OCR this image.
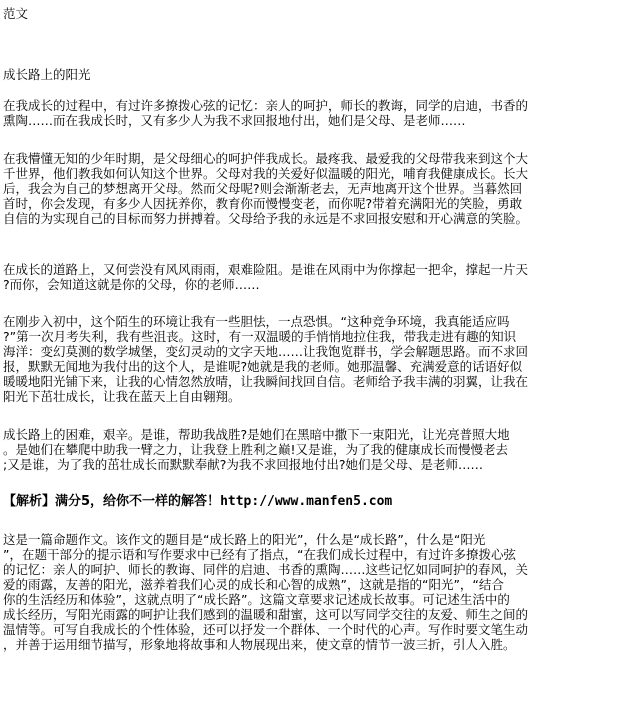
范文
成长路上的阳光
在我成长的过程中，有过许多撩拨心弦的记忆：亲人的呵护，师长的教诲，同学的启迪，书香的
熏陶……而在我成长时，又有多少人为我不求回报地付出，她们是父母、是老师……
在我懵懂无知的少年时期，是父母细心的呵护伴我成长。最疼我、最爱我的父母带我来到这个大
千世界，他们教我如何认知这个世界。父母对我的关爱好似温暖的阳光，哺育我健康成长。长大
后，我会为自己的梦想离开父母。然而父母呢?则会渐渐老去，无声地离开这个世界。当暮然回
首时，你会发现，有多少人因抚养你，教育你而慢慢变老，而你呢?带着充满阳光的笑脸，勇敢
自信的为实现自己的目标而努力拼搏着。父母给予我的永远是不求回报安慰和开心满意的笑脸。
在成长的道路上，又何尝没有风风雨雨，艰难险阻。是谁在风雨中为你撑起一把伞，撑起一片天
?而你，会知道这就是你的父母，你的老师……
在刚步入初中，这个陌生的环境让我有一些胆怯，一点恐惧。“这种竞争环境，我真能适应吗
?”第一次月考失利，我有些沮丧。这时，有一双温暖的手悄悄地拉住我，带我走进有趣的知识
海洋：变幻莫测的数学城堡，变幻灵动的文字天地……让我饱览群书，学会解题思路。而不求回
报，默默无闻地为我付出的这个人，是谁呢?她就是我的老师。她那温馨、充满爱意的话语好似
暖暖地阳光铺下来，让我的心情忽然放晴，让我瞬间找回自信。老师给予我丰满的羽翼，让我在
阳光下茁壮成长，让我在蓝天上自由翱翔。
成长路上的困难，艰辛。是谁，帮助我战胜?是她们在黑暗中撒下一束阳光，让光亮普照大地
。是她们在攀爬中助我一臂之力，让我登上胜利之巅!又是谁，为了我的健康成长而慢慢老去
;又是谁，为了我的茁壮成长而默默奉献?为我不求回报地付出?她们是父母、是老师……
【解析】满分5，给你不一样的解答！http://www.manfen5.com
这是一篇命题作文。该作文的题目是“成长路上的阳光”，什么是“成长路”，什么是“阳光
”，在题干部分的提示语和写作要求中已经有了指点，“在我们成长过程中，有过许多撩拨心弦
的记忆：亲人的呵护、师长的教诲、同伴的启迪、书香的熏陶……这些记忆如同呵护的春风，关
爱的雨露，友善的阳光，滋养着我们心灵的成长和心智的成熟”，这就是指的“阳光”，“结合
你的生活经历和体验”，这就点明了“成长路”。这篇文章要求记述成长故事。可记述生活中的
成长经历，写阳光雨露的呵护让我们感到的温暖和甜蜜，这可以写同学交往的友爱、师生之间的
温情等。可写自我成长的个性体验，还可以抒发一个群体、一个时代的心声。写作时要文笔生动
，并善于运用细节描写，形象地将故事和人物展现出来，使文章的情节一波三折，引人入胜。
